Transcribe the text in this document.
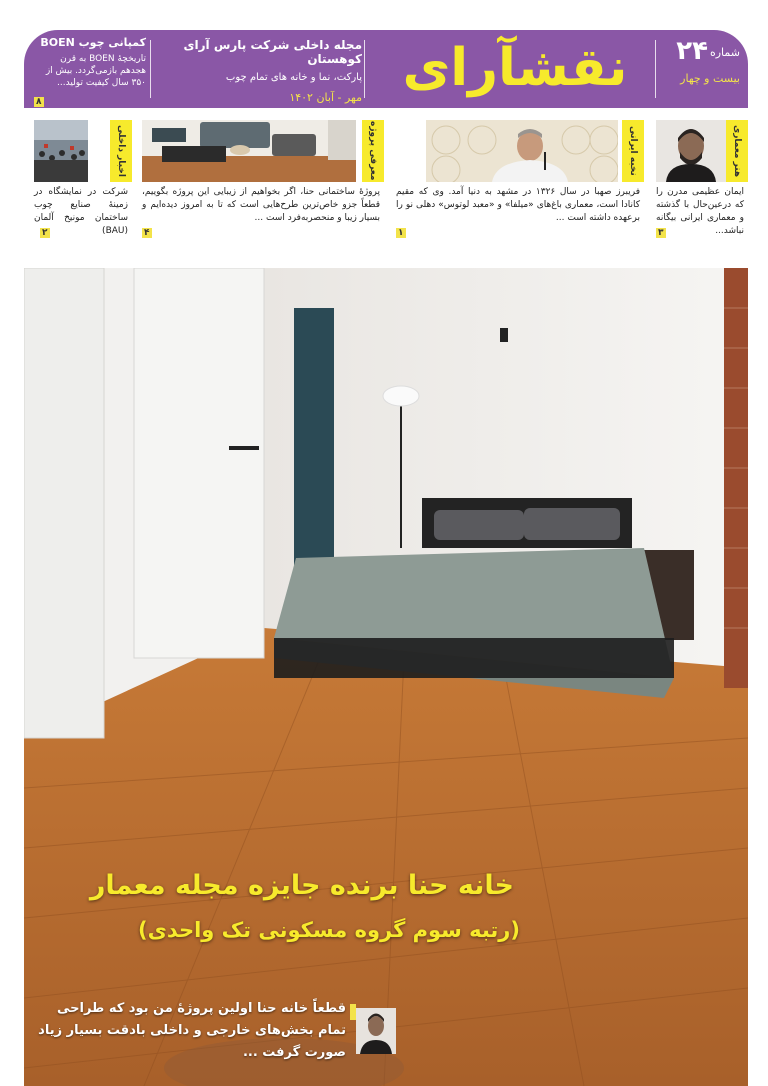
۲۴ شماره
بیست و چهار
نقشآرای
مجله داخلی شرکت پارس آرای کوهستان
پارکت، نما و خانه های تمام چوب
مهر - آبان ۱۴۰۲
کمپانی چوب BOEN
تاریخچهٔ BOEN به قرن هجدهم بازمی‌گردد. بیش از ۳۵۰ سال کیفیت تولید...
۸
هنر معماری
ایمان عظیمی مدرن را که درعین‌حال با گذشته و معماری ایرانی بیگانه نباشد...
۳
نخبه ایرانی
فریبرز صهبا در سال ۱۳۲۶ در مشهد به دنیا آمد. وی که مقیم کانادا است، معماری باغ‌های «میلفا» و «معبد لوتوس» دهلی نو را برعهده داشته است ...
۱
معرفی پروژه
پروژهٔ ساختمانی حنا، اگر بخواهیم از زیبایی این پروژه بگوییم، قطعاً جزو خاص‌ترین طرح‌هایی است که تا به امروز دیده‌ایم و بسیار زیبا و منحصربه‌فرد است ...
۴
اخبار داخلی
شرکت در نمایشگاه در زمینهٔ صنایع چوب ساختمان مونیخ آلمان (BAU)
۲
خانه حنا برنده جایزه مجله معمار
(رتبه سوم گروه مسکونی تک واحدی)
قطعاً خانه حنا اولین پروژهٔ من بود که طراحی تمام بخش‌های خارجی و داخلی بادقت بسیار زیاد صورت گرفت ...
